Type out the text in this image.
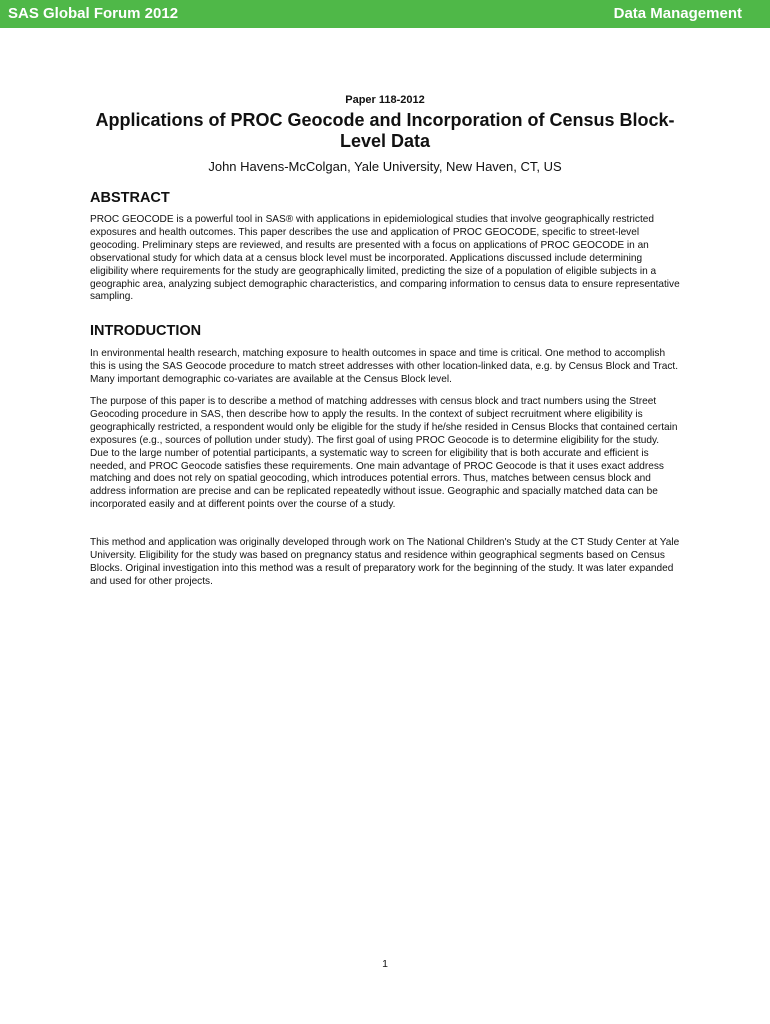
SAS Global Forum 2012	Data Management
Paper 118-2012
Applications of PROC Geocode and Incorporation of Census Block-Level Data
John Havens-McColgan, Yale University, New Haven, CT, US
ABSTRACT

PROC GEOCODE is a powerful tool in SAS® with applications in epidemiological studies that involve geographically restricted exposures and health outcomes. This paper describes the use and application of PROC GEOCODE, specific to street-level geocoding. Preliminary steps are reviewed, and results are presented with a focus on applications of PROC GEOCODE in an observational study for which data at a census block level must be incorporated. Applications discussed include determining eligibility where requirements for the study are geographically limited, predicting the size of a population of eligible subjects in a geographic area, analyzing subject demographic characteristics, and comparing information to census data to ensure representative sampling.

INTRODUCTION

In environmental health research, matching exposure to health outcomes in space and time is critical. One method to accomplish this is using the SAS Geocode procedure to match street addresses with other location-linked data, e.g. by Census Block and Tract. Many important demographic co-variates are available at the Census Block level.

The purpose of this paper is to describe a method of matching addresses with census block and tract numbers using the Street Geocoding procedure in SAS, then describe how to apply the results. In the context of subject recruitment where eligibility is geographically restricted, a respondent would only be eligible for the study if he/she resided in Census Blocks that contained certain exposures (e.g., sources of pollution under study). The first goal of using PROC Geocode is to determine eligibility for the study. Due to the large number of potential participants, a systematic way to screen for eligibility that is both accurate and efficient is needed, and PROC Geocode satisfies these requirements. One main advantage of PROC Geocode is that it uses exact address matching and does not rely on spatial geocoding, which introduces potential errors. Thus, matches between census block and address information are precise and can be replicated repeatedly without issue. Geographic and spacially matched data can be incorporated easily and at different points over the course of a study.

This method and application was originally developed through work on The National Children's Study at the CT Study Center at Yale University. Eligibility for the study was based on pregnancy status and residence within geographical segments based on Census Blocks. Original investigation into this method was a result of preparatory work for the beginning of the study. It was later expanded and used for other projects.

1
